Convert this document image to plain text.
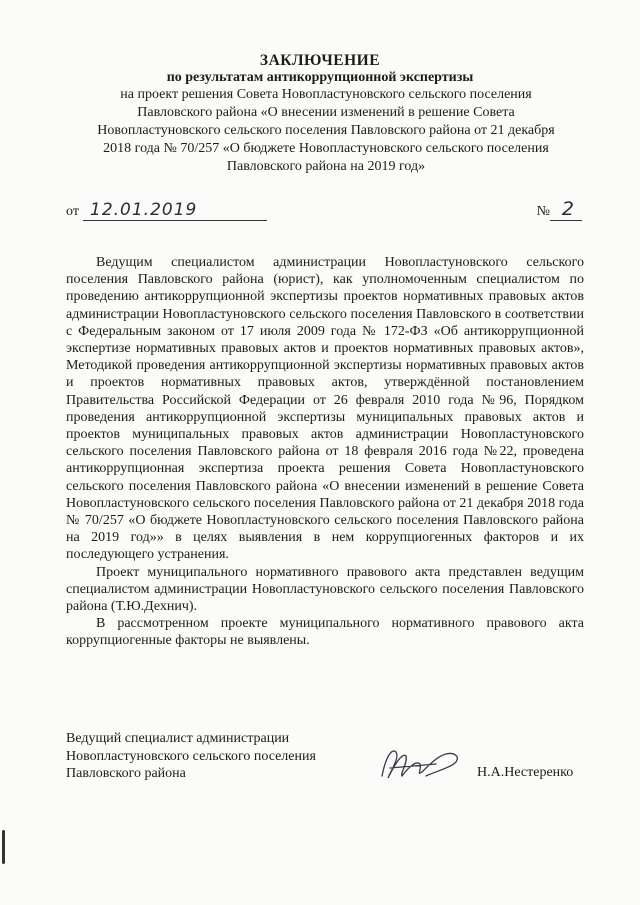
ЗАКЛЮЧЕНИЕ
по результатам антикоррупционной экспертизы
на проект решения Совета Новопластуновского сельского поселения
Павловского района «О внесении изменений в решение Совета
Новопластуновского сельского поселения Павловского района от 21 декабря
2018 года № 70/257 «О бюджете Новопластуновского сельского поселения
Павловского района на 2019 год»
от 12.01.2019	№ 2

Ведущим специалистом администрации Новопластуновского сельского поселения Павловского района (юрист), как уполномоченным специалистом по проведению антикоррупционной экспертизы проектов нормативных правовых актов администрации Новопластуновского сельского поселения Павловского в соответствии с Федеральным законом от 17 июля 2009 года № 172-ФЗ «Об антикоррупционной экспертизе нормативных правовых актов и проектов нормативных правовых актов», Методикой проведения антикоррупционной экспертизы нормативных правовых актов и проектов нормативных правовых актов, утверждённой постановлением Правительства Российской Федерации от 26 февраля 2010 года №96, Порядком проведения антикоррупционной экспертизы муниципальных правовых актов и проектов муниципальных правовых актов администрации Новопластуновского сельского поселения Павловского района от 18 февраля 2016 года №22, проведена антикоррупционная экспертиза проекта решения Совета Новопластуновского сельского поселения Павловского района «О внесении изменений в решение Совета Новопластуновского сельского поселения Павловского района от 21 декабря 2018 года № 70/257 «О бюджете Новопластуновского сельского поселения Павловского района на 2019 год»» в целях выявления в нем коррупциогенных факторов и их последующего устранения.

Проект муниципального нормативного правового акта представлен ведущим специалистом администрации Новопластуновского сельского поселения Павловского района (Т.Ю.Дехнич).

В рассмотренном проекте муниципального нормативного правового акта коррупциогенные факторы не выявлены.

Ведущий специалист администрации
Новопластуновского сельского поселения
Павловского района	Н.А.Нестеренко
